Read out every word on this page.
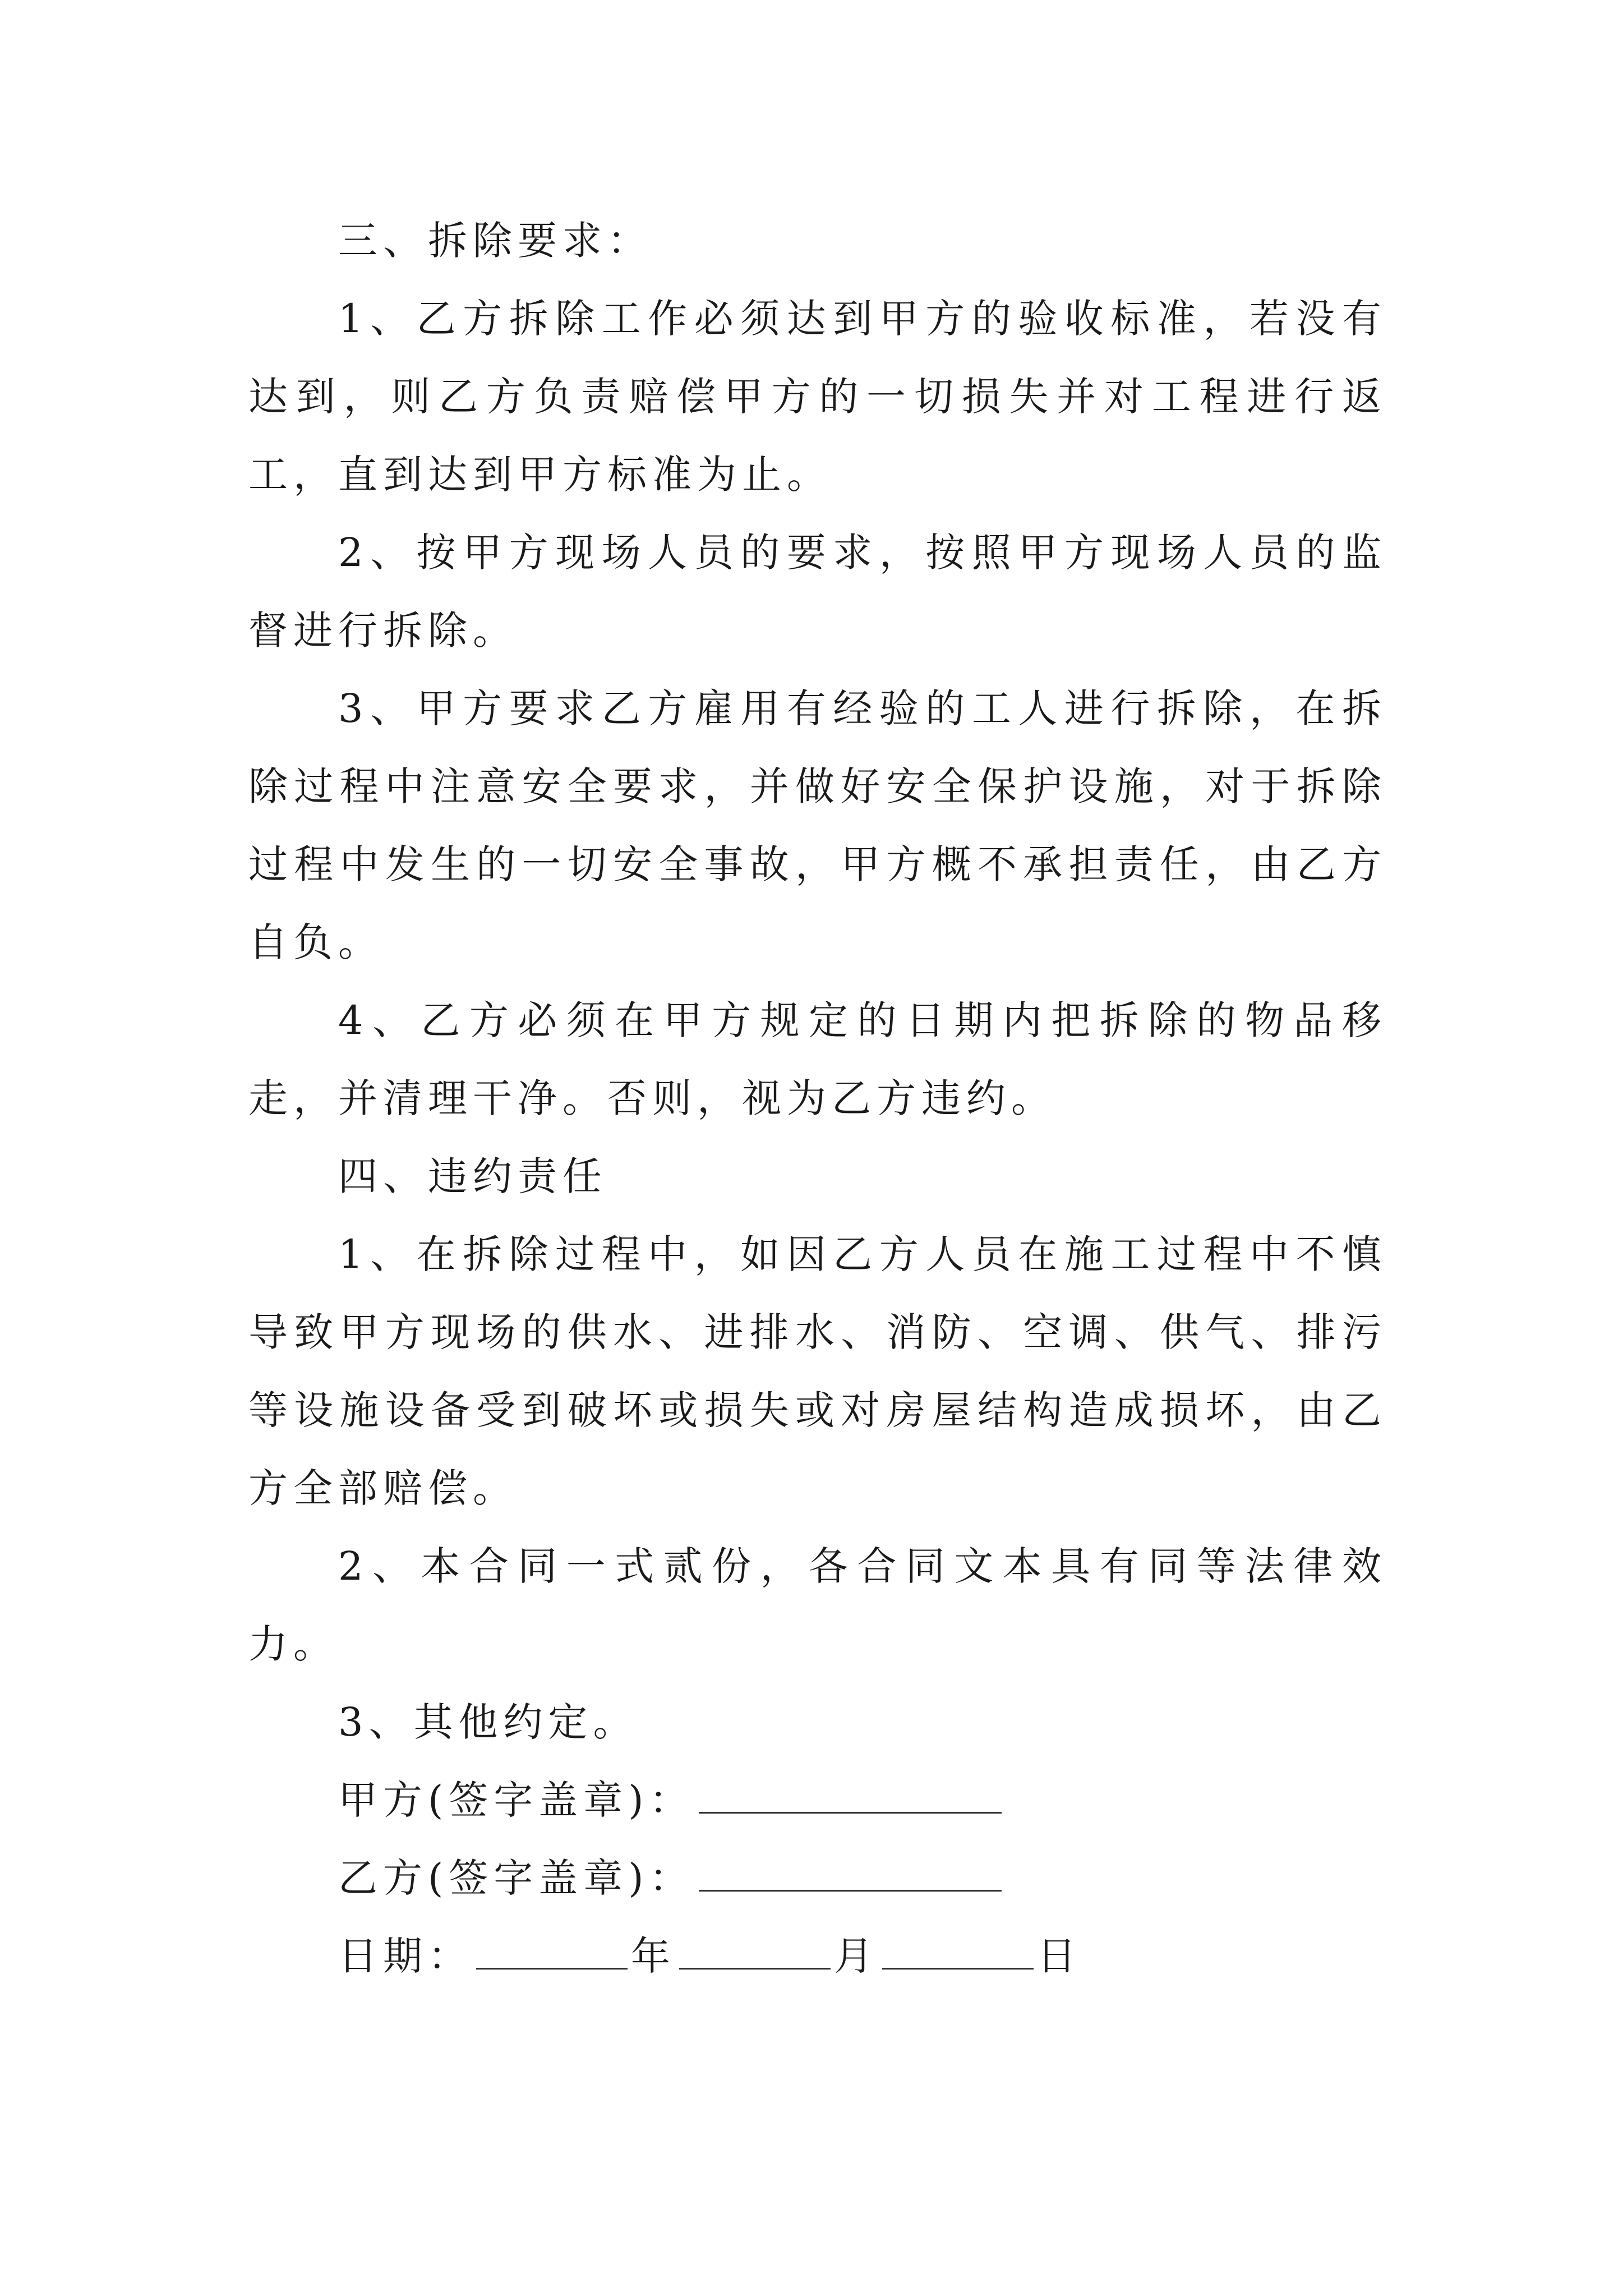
三、拆除要求：

1、乙方拆除工作必须达到甲方的验收标准，若没有达到，则乙方负责赔偿甲方的一切损失并对工程进行返工，直到达到甲方标准为止。

2、按甲方现场人员的要求，按照甲方现场人员的监督进行拆除。

3、甲方要求乙方雇用有经验的工人进行拆除，在拆除过程中注意安全要求，并做好安全保护设施，对于拆除过程中发生的一切安全事故，甲方概不承担责任，由乙方自负。

4、乙方必须在甲方规定的日期内把拆除的物品移走，并清理干净。否则，视为乙方违约。

四、违约责任

1、在拆除过程中，如因乙方人员在施工过程中不慎导致甲方现场的供水、进排水、消防、空调、供气、排污等设施设备受到破坏或损失或对房屋结构造成损坏，由乙方全部赔偿。

2、本合同一式贰份，各合同文本具有同等法律效力。

3、其他约定。

甲方(签字盖章)：

乙方(签字盖章)：

日期：	年	月	日
